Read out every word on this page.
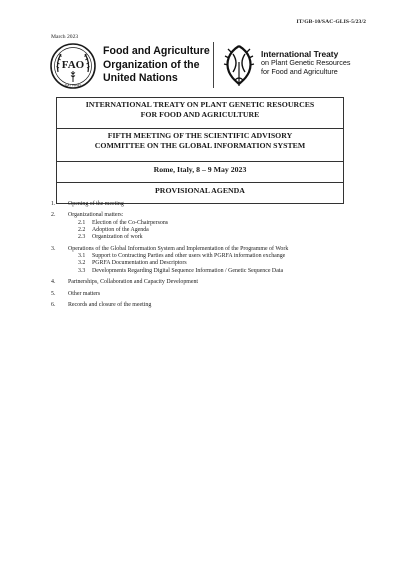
IT/GB-10/SAC-GLIS-5/23/2
March 2023
FAO
FIAT PANIS
Food and Agriculture
Organization of the
United Nations
International Treaty
on Plant Genetic Resources
for Food and Agriculture
INTERNATIONAL TREATY ON PLANT GENETIC RESOURCES
FOR FOOD AND AGRICULTURE
FIFTH MEETING OF THE SCIENTIFIC ADVISORY
COMMITTEE ON THE GLOBAL INFORMATION SYSTEM
Rome, Italy, 8 – 9 May 2023
PROVISIONAL AGENDA
1. Opening of the meeting
2. Organizational matters:
2.1 Election of the Co-Chairpersons
2.2 Adoption of the Agenda
2.3 Organization of work
3. Operations of the Global Information System and Implementation of the Programme of Work
3.1 Support to Contracting Parties and other users with PGRFA information exchange
3.2 PGRFA Documentation and Descriptors
3.3 Developments Regarding Digital Sequence Information / Genetic Sequence Data
4. Partnerships, Collaboration and Capacity Development
5. Other matters
6. Records and closure of the meeting
